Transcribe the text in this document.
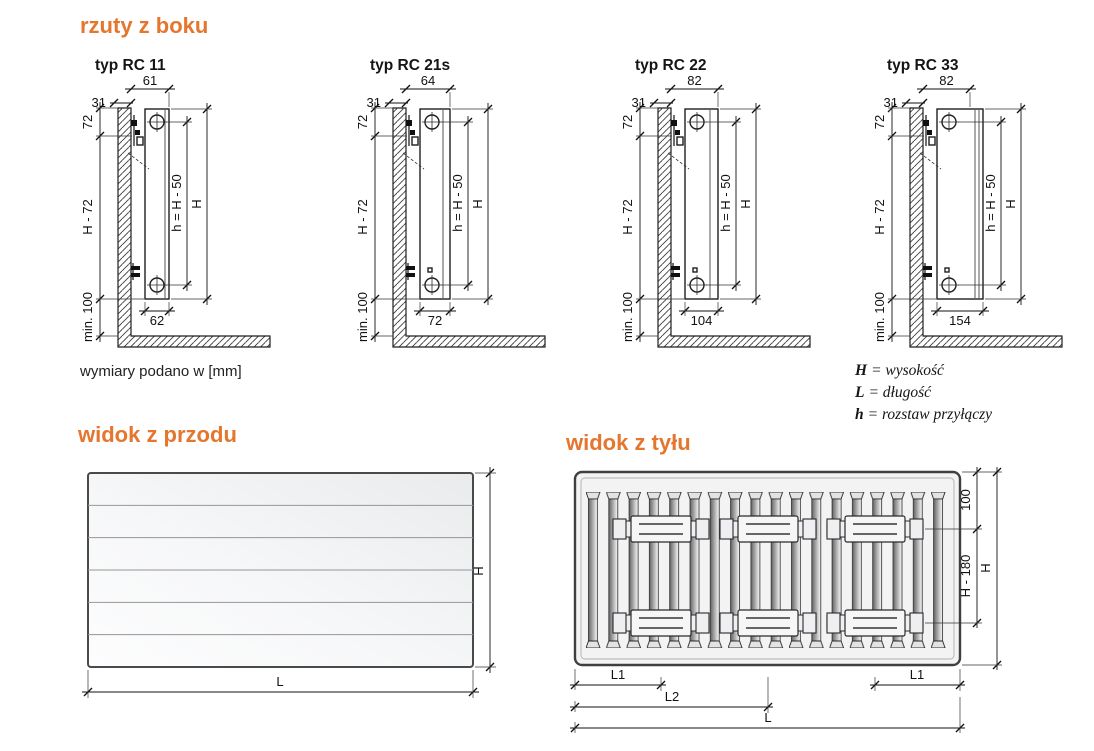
rzuty z boku
wymiary podano w [mm]	H = wysokość
L = długość
h = rozstaw przyłączy
typ RC 11	typ RC 21s	typ RC 22	typ RC 33
72
H - 72
min. 100
61
31
62
h = H - 50 H
72
H - 72
min. 100
64
31
72
h = H - 50 H
72
H - 72
min. 100
82
31
104
h = H - 50 H
72
H - 72
min. 100
82
31
154
h = H - 50 H
widok z przodu
H
L
widok z tyłu
100
H - 180 H
L1	L1
L2
L
